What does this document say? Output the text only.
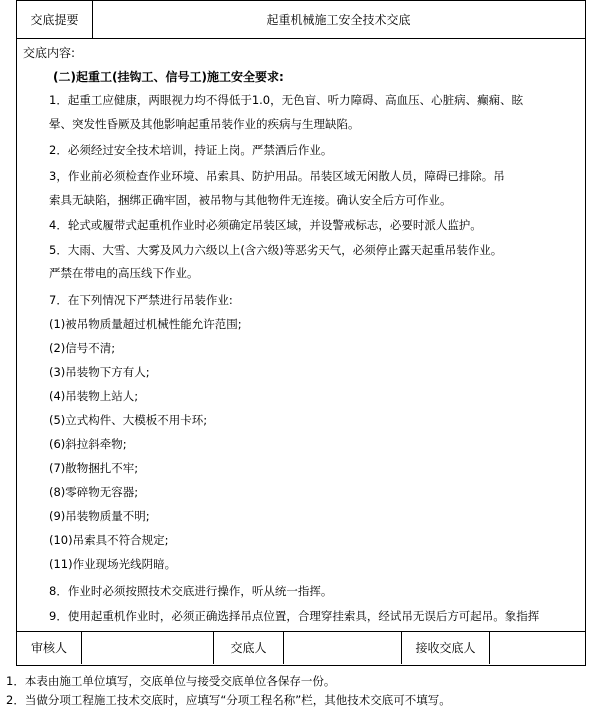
交底提要	起重机械施工安全技术交底
交底内容:
(二)起重工(挂钩工、信号工)施工安全要求:
1．起重工应健康，两眼视力均不得低于1.0，无色盲、听力障碍、高血压、心脏病、癫痫、眩
晕、突发性昏厥及其他影响起重吊装作业的疾病与生理缺陷。
2．必须经过安全技术培训，持证上岗。严禁酒后作业。
3，作业前必须检查作业环境、吊索具、防护用品。吊装区域无闲散人员，障碍已排除。吊
索具无缺陷，捆绑正确牢固，被吊物与其他物件无连接。确认安全后方可作业。
4．轮式或履带式起重机作业时必须确定吊装区域，并设警戒标志，必要时派人监护。
5．大雨、大雪、大雾及风力六级以上(含六级)等恶劣天气，必须停止露天起重吊装作业。
严禁在带电的高压线下作业。
7．在下列情况下严禁进行吊装作业:
(1)被吊物质量超过机械性能允许范围;
(2)信号不清;
(3)吊装物下方有人;
(4)吊装物上站人;
(5)立式构件、大模板不用卡环;
(6)斜拉斜牵物;
(7)散物捆扎不牢;
(8)零碎物无容器;
(9)吊装物质量不明;
(10)吊索具不符合规定;
(11)作业现场光线阴暗。
8．作业时必须按照技术交底进行操作，听从统一指挥。
9．使用起重机作业时，必须正确选择吊点位置，合理穿挂索具，经试吊无误后方可起吊。象指挥
审核人	交底人	接收交底人
1．本表由施工单位填写，交底单位与接受交底单位各保存一份。
2．当做分项工程施工技术交底时，应填写“分项工程名称”栏，其他技术交底可不填写。
